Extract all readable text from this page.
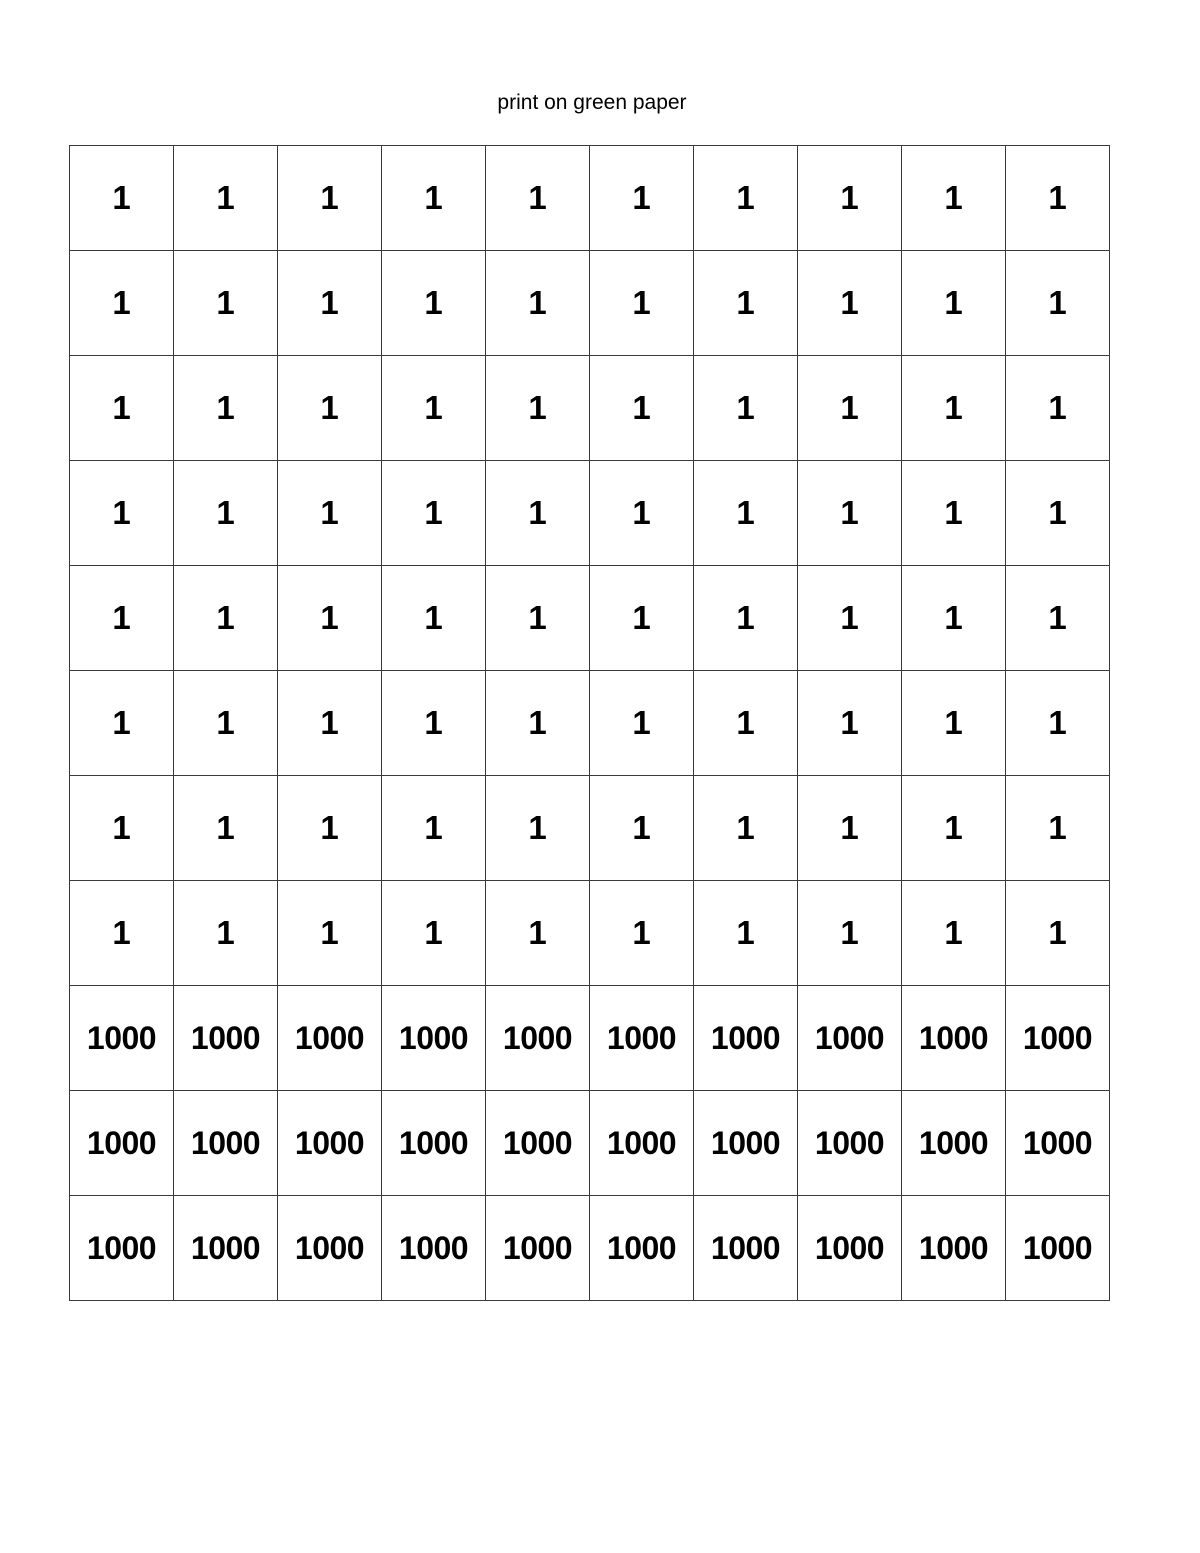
print on green paper
1	1	1	1	1	1	1	1	1	1
1	1	1	1	1	1	1	1	1	1
1	1	1	1	1	1	1	1	1	1
1	1	1	1	1	1	1	1	1	1
1	1	1	1	1	1	1	1	1	1
1	1	1	1	1	1	1	1	1	1
1	1	1	1	1	1	1	1	1	1
1	1	1	1	1	1	1	1	1	1
1000	1000	1000	1000	1000	1000	1000	1000	1000	1000
1000	1000	1000	1000	1000	1000	1000	1000	1000	1000
1000	1000	1000	1000	1000	1000	1000	1000	1000	1000
